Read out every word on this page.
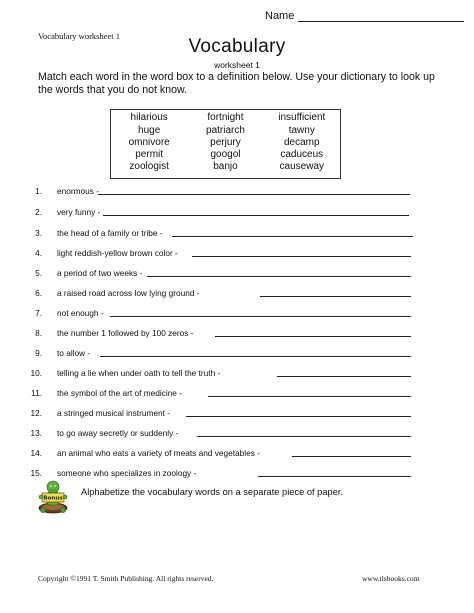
Name
Vocabulary worksheet 1	Vocabulary
worksheet 1
Match each word in the word box to a definition below. Use your dictionary to look up the words that you do not know.
hilarious	fortnight	insufficient
huge	patriarch	tawny
omnivore	perjury	decamp
permit	googol	caduceus
zoologist	banjo	causeway
1. enormous -
2. very funny -
3. the head of a family or tribe -
4. light reddish-yellow brown color -
5. a period of two weeks -
6. a raised road across low lying ground -
7. not enough -
8. the number 1 followed by 100 zeros -
9. to allow -
10. telling a lie when under oath to tell the truth -
11. the symbol of the art of medicine -
12. a stringed musical instrument -
13. to go away secretly or suddenly -
14. an animal who eats a variety of meats and vegetables -
15. someone who specializes in zoology -
Bonus
Alphabetize the vocabulary words on a separate piece of paper.
Copyright ©1991 T. Smith Publishing. All rights reserved.	www.tlsbooks.com
